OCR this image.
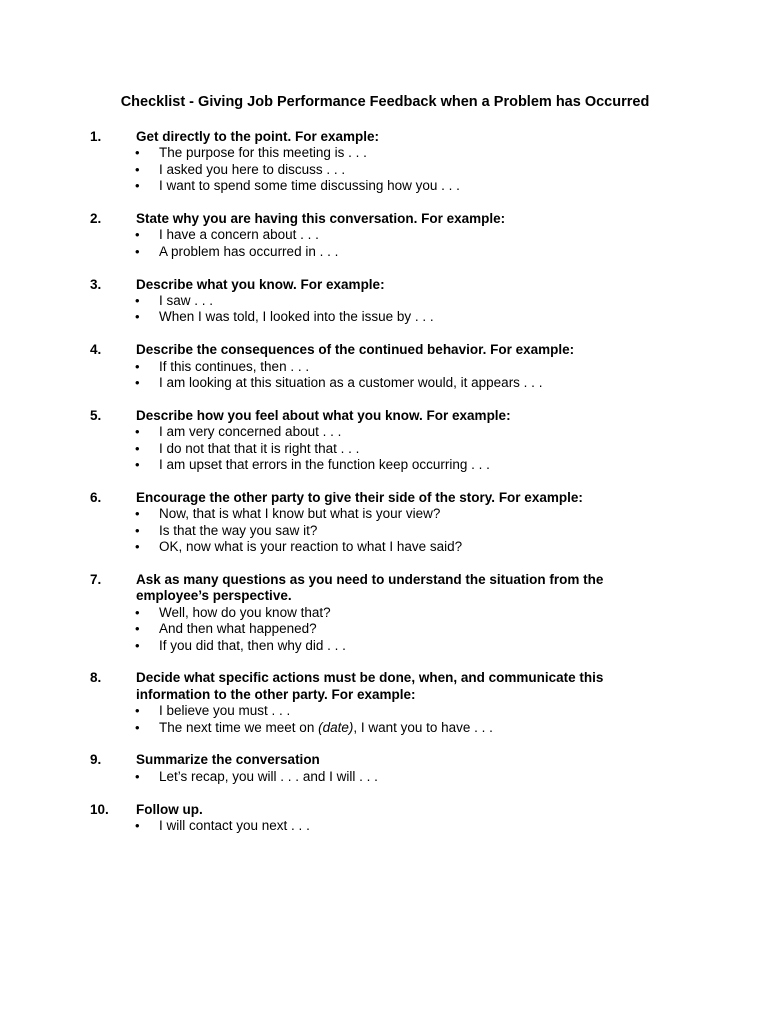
Checklist - Giving Job Performance Feedback when a Problem has Occurred
1.	Get directly to the point. For example:
• The purpose for this meeting is . . .
• I asked you here to discuss . . .
• I want to spend some time discussing how you . . .
2.	State why you are having this conversation. For example:
• I have a concern about . . .
• A problem has occurred in . . .
3.	Describe what you know. For example:
• I saw . . .
• When I was told, I looked into the issue by . . .
4.	Describe the consequences of the continued behavior. For example:
• If this continues, then . . .
• I am looking at this situation as a customer would, it appears . . .
5.	Describe how you feel about what you know. For example:
• I am very concerned about . . .
• I do not that that it is right that . . .
• I am upset that errors in the function keep occurring . . .
6.	Encourage the other party to give their side of the story. For example:
• Now, that is what I know but what is your view?
• Is that the way you saw it?
• OK, now what is your reaction to what I have said?
7.	Ask as many questions as you need to understand the situation from the employee’s perspective.
• Well, how do you know that?
• And then what happened?
• If you did that, then why did . . .
8.	Decide what specific actions must be done, when, and communicate this information to the other party. For example:
• I believe you must . . .
• The next time we meet on (date), I want you to have . . .
9.	Summarize the conversation
• Let’s recap, you will . . . and I will . . .
10.	Follow up.
• I will contact you next . . .
